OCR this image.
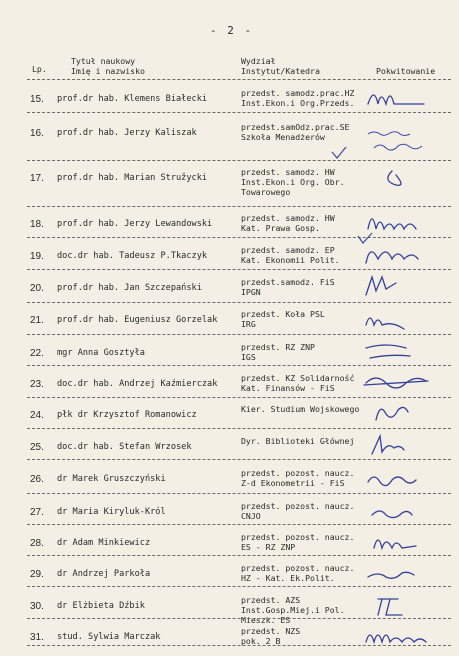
- 2 -
Lp.
Tytuł naukowy
Imię i nazwisko
Wydział
Instytut/Katedra	Pokwitowanie
15. prof.dr hab. Klemens Białecki
przedst. samodz.prac.HZ
Inst.Ekon.i Org.Przeds.
16. prof.dr hab. Jerzy Kaliszak
przedst.samOdz.prac.SE
Szkoła Menadżerów
17. prof.dr hab. Marian Stružycki
przedst. samodz. HW
Inst.Ekon.i Org. Obr.
Towarowego
18. prof.dr hab. Jerzy Lewandowski
przedst. samodz. HW
Kat. Prawa Gosp.
19. doc.dr hab. Tadeusz P.Tkaczyk
przedst. samodz. EP
Kat. Ekonomii Polit.
20. prof.dr hab. Jan Szczepański
przedst.samodz. FiS
IPGN
21. prof.dr hab. Eugeniusz Gorzelak
przedst. Koła PSL
IRG
22. mgr Anna Gosztyła
przedst. RZ ZNP
IGS
23. doc.dr hab. Andrzej Kaźmierczak
przedst. KZ Solidarność
Kat. Finansów - FiS
24. płk dr Krzysztof Romanowicz
Kier. Studium Wojskowego
25. doc.dr hab. Stefan Wrzosek
Dyr. Biblioteki Głównej
26. dr Marek Gruszczyński
przedst. pozost. naucz.
Z-d Ekonometrii - FiS
27. dr Maria Kiryluk-Król
przedst. pozost. naucz.
CNJO
28. dr Adam Minkiewicz
przedst. pozost. naucz.
ES - RZ ZNP
29. dr Andrzej Parkoła
przedst. pozost. naucz.
HZ - Kat. Ek.Polit.
30. dr Elżbieta Dźbik
przedst. AZS
Inst.Gosp.Miej.i Pol.
Mieszk. ES
31. stud. Sylwia Marczak
przedst. NZS
pok. 2 B
